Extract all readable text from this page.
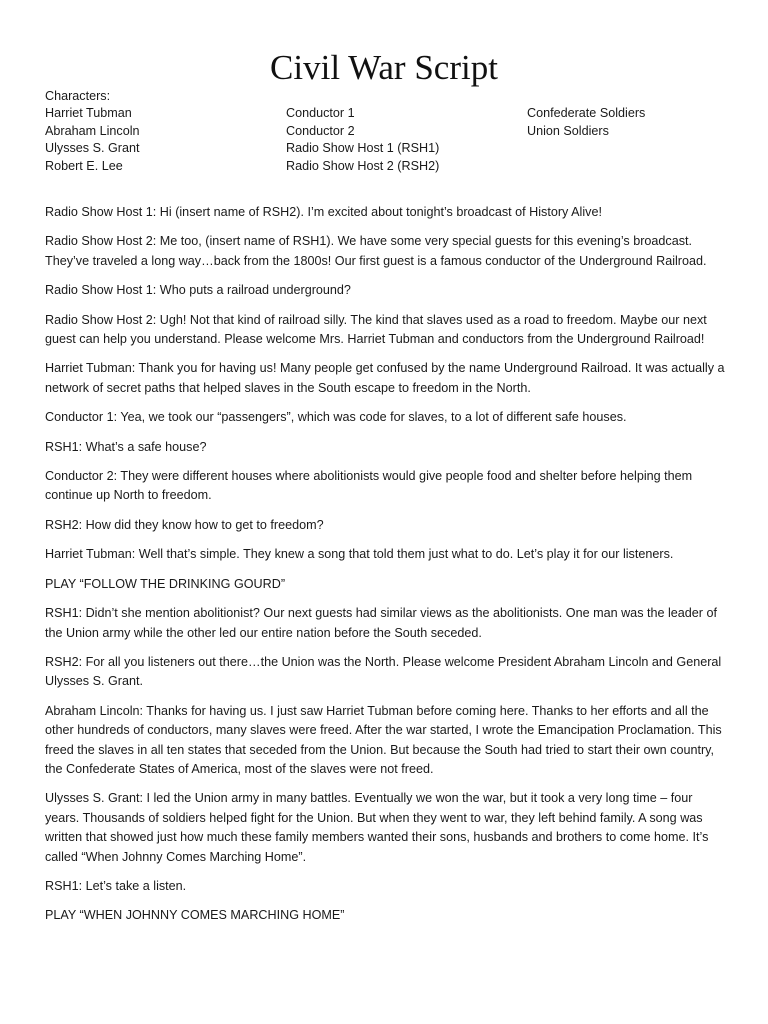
Civil War Script
Characters:
Harriet Tubman
Abraham Lincoln
Ulysses S. Grant
Robert E. Lee
Conductor 1
Conductor 2
Radio Show Host 1 (RSH1)
Radio Show Host 2 (RSH2)
Confederate Soldiers
Union Soldiers

Radio Show Host 1: Hi (insert name of RSH2). I’m excited about tonight’s broadcast of History Alive!

Radio Show Host 2: Me too, (insert name of RSH1). We have some very special guests for this evening’s broadcast. They’ve traveled a long way…back from the 1800s! Our first guest is a famous conductor of the Underground Railroad.

Radio Show Host 1: Who puts a railroad underground?

Radio Show Host 2: Ugh! Not that kind of railroad silly. The kind that slaves used as a road to freedom. Maybe our next guest can help you understand. Please welcome Mrs. Harriet Tubman and conductors from the Underground Railroad!

Harriet Tubman: Thank you for having us! Many people get confused by the name Underground Railroad. It was actually a network of secret paths that helped slaves in the South escape to freedom in the North.

Conductor 1: Yea, we took our “passengers”, which was code for slaves, to a lot of different safe houses.

RSH1: What’s a safe house?

Conductor 2: They were different houses where abolitionists would give people food and shelter before helping them continue up North to freedom.

RSH2: How did they know how to get to freedom?

Harriet Tubman: Well that’s simple. They knew a song that told them just what to do. Let’s play it for our listeners.

PLAY “FOLLOW THE DRINKING GOURD”

RSH1: Didn’t she mention abolitionist? Our next guests had similar views as the abolitionists. One man was the leader of the Union army while the other led our entire nation before the South seceded.

RSH2: For all you listeners out there…the Union was the North. Please welcome President Abraham Lincoln and General Ulysses S. Grant.

Abraham Lincoln: Thanks for having us. I just saw Harriet Tubman before coming here. Thanks to her efforts and all the other hundreds of conductors, many slaves were freed. After the war started, I wrote the Emancipation Proclamation. This freed the slaves in all ten states that seceded from the Union. But because the South had tried to start their own country, the Confederate States of America, most of the slaves were not freed.

Ulysses S. Grant: I led the Union army in many battles. Eventually we won the war, but it took a very long time – four years. Thousands of soldiers helped fight for the Union. But when they went to war, they left behind family. A song was written that showed just how much these family members wanted their sons, husbands and brothers to come home. It’s called “When Johnny Comes Marching Home”.

RSH1: Let’s take a listen.

PLAY “WHEN JOHNNY COMES MARCHING HOME”
